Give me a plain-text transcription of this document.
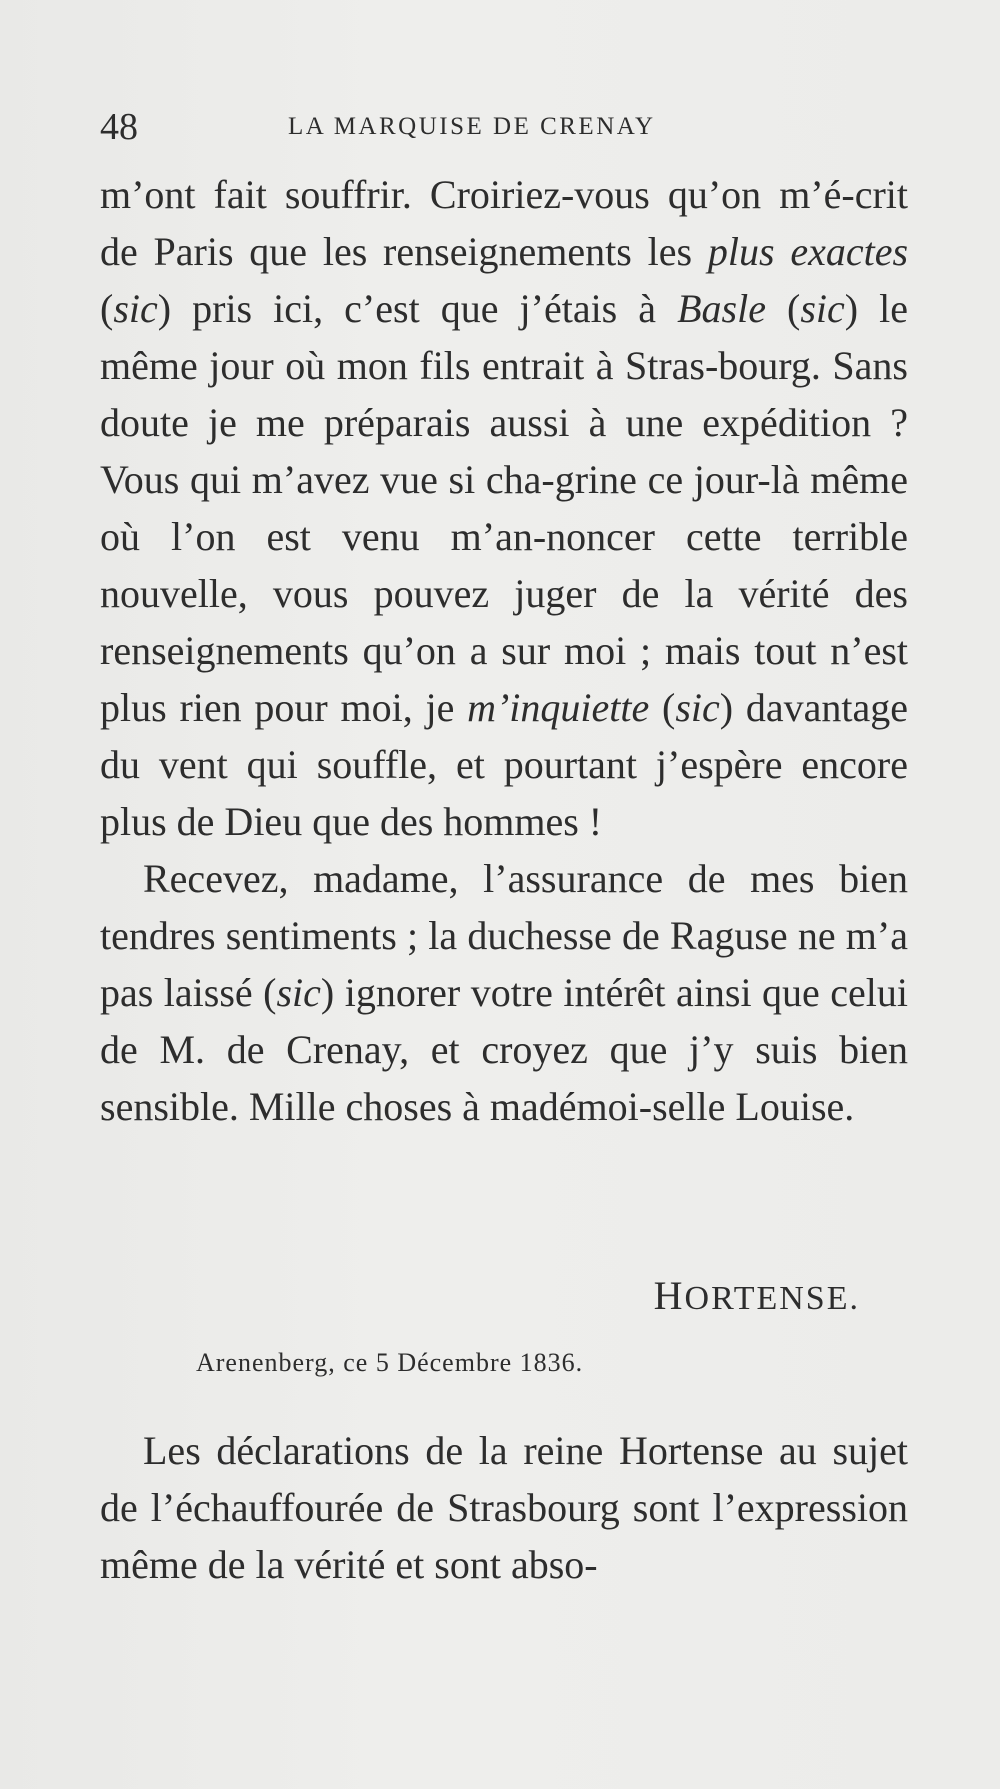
48	LA MARQUISE DE CRENAY

m’ont fait souffrir. Croiriez-vous qu’on m’é-crit de Paris que les renseignements les plus exactes (sic) pris ici, c’est que j’étais à Basle (sic) le même jour où mon fils entrait à Stras-bourg. Sans doute je me préparais aussi à une expédition ? Vous qui m’avez vue si cha-grine ce jour-là même où l’on est venu m’an-noncer cette terrible nouvelle, vous pouvez juger de la vérité des renseignements qu’on a sur moi ; mais tout n’est plus rien pour moi, je m’inquiette (sic) davantage du vent qui souffle, et pourtant j’espère encore plus de Dieu que des hommes !

Recevez, madame, l’assurance de mes bien tendres sentiments ; la duchesse de Raguse ne m’a pas laissé (sic) ignorer votre intérêt ainsi que celui de M. de Crenay, et croyez que j’y suis bien sensible. Mille choses à madémoi-selle Louise.

HORTENSE.
Arenenberg, ce 5 Décembre 1836.

Les déclarations de la reine Hortense au sujet de l’échauffourée de Strasbourg sont l’expression même de la vérité et sont abso-
